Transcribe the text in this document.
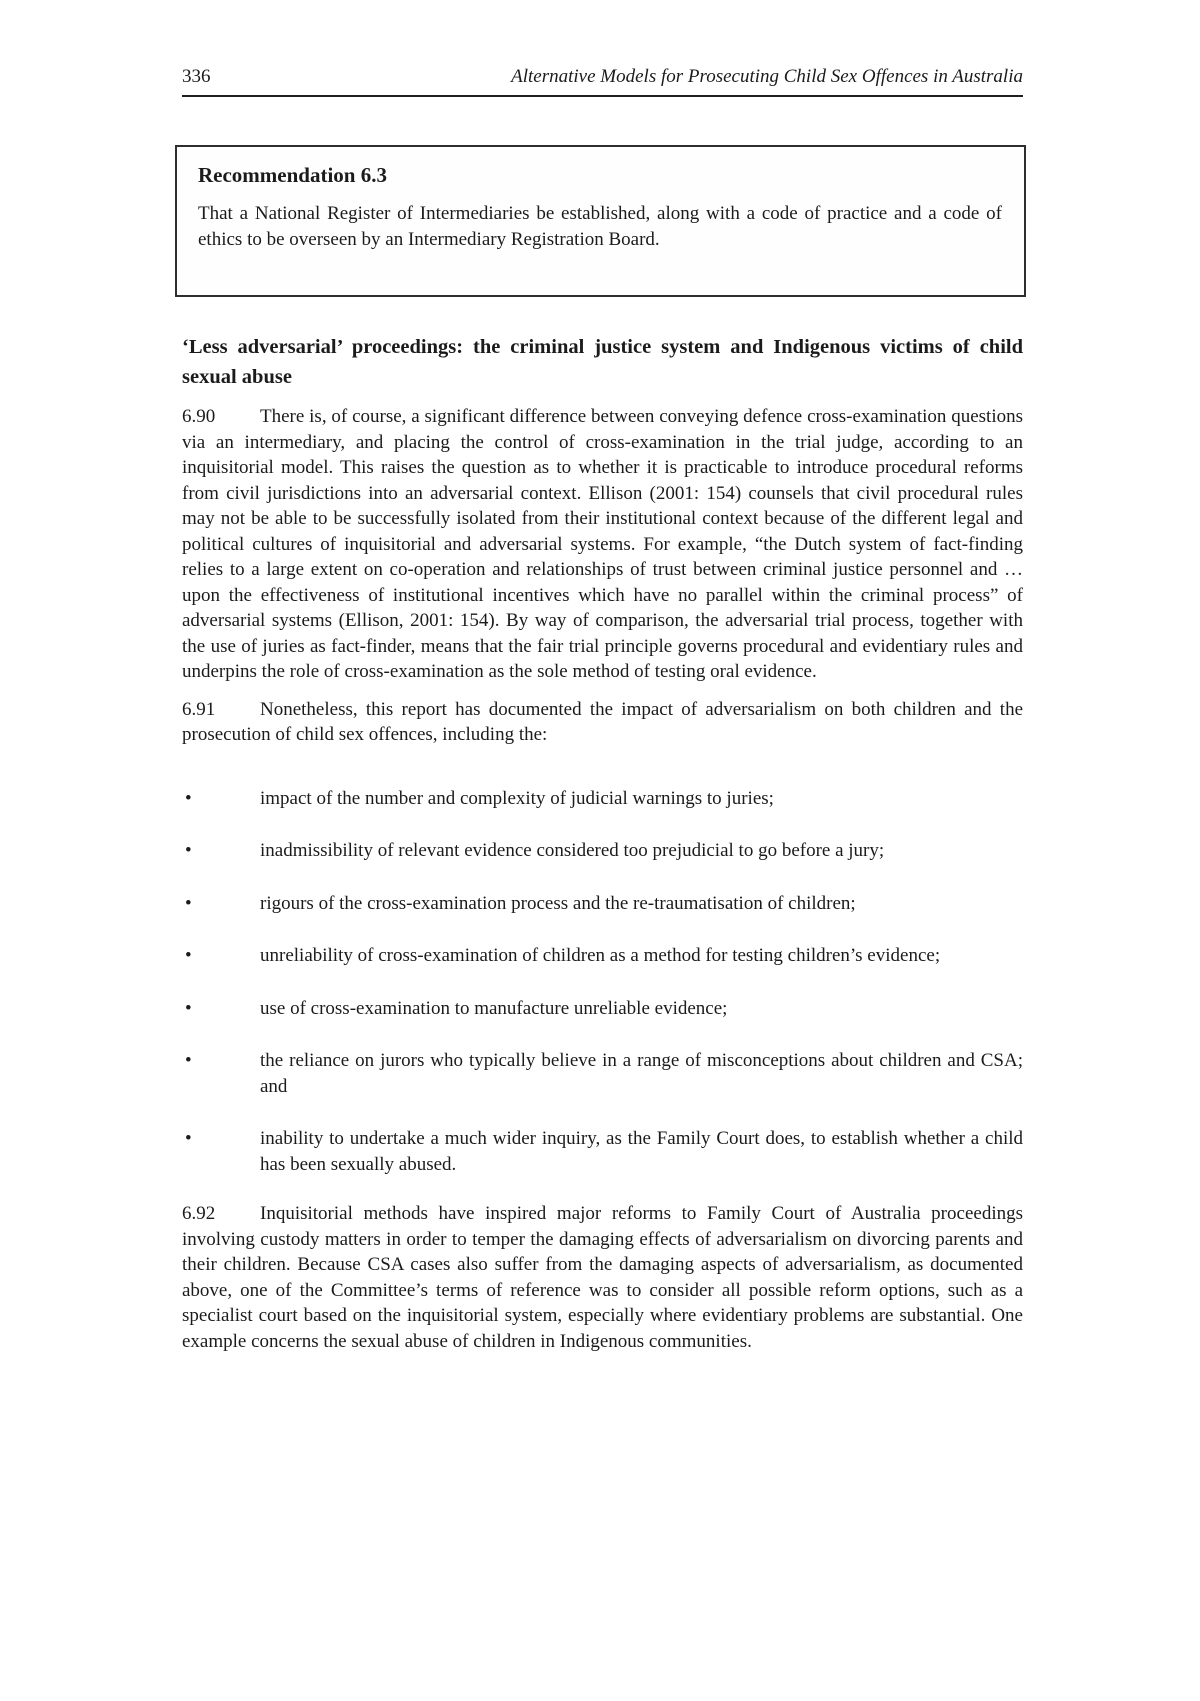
336	Alternative Models for Prosecuting Child Sex Offences in Australia

Recommendation 6.3

That a National Register of Intermediaries be established, along with a code of practice and a code of ethics to be overseen by an Intermediary Registration Board.

‘Less adversarial’ proceedings: the criminal justice system and Indigenous victims of child sexual abuse

6.90 There is, of course, a significant difference between conveying defence cross-examination questions via an intermediary, and placing the control of cross-examination in the trial judge, according to an inquisitorial model. This raises the question as to whether it is practicable to introduce procedural reforms from civil jurisdictions into an adversarial context. Ellison (2001: 154) counsels that civil procedural rules may not be able to be successfully isolated from their institutional context because of the different legal and political cultures of inquisitorial and adversarial systems. For example, “the Dutch system of fact-finding relies to a large extent on co-operation and relationships of trust between criminal justice personnel and … upon the effectiveness of institutional incentives which have no parallel within the criminal process” of adversarial systems (Ellison, 2001: 154). By way of comparison, the adversarial trial process, together with the use of juries as fact-finder, means that the fair trial principle governs procedural and evidentiary rules and underpins the role of cross-examination as the sole method of testing oral evidence.

6.91 Nonetheless, this report has documented the impact of adversarialism on both children and the prosecution of child sex offences, including the:

•	impact of the number and complexity of judicial warnings to juries;
•	inadmissibility of relevant evidence considered too prejudicial to go before a jury;
•	rigours of the cross-examination process and the re-traumatisation of children;
•	unreliability of cross-examination of children as a method for testing children’s evidence;
•	use of cross-examination to manufacture unreliable evidence;
•	the reliance on jurors who typically believe in a range of misconceptions about children and CSA; and
•	inability to undertake a much wider inquiry, as the Family Court does, to establish whether a child has been sexually abused.

6.92 Inquisitorial methods have inspired major reforms to Family Court of Australia proceedings involving custody matters in order to temper the damaging effects of adversarialism on divorcing parents and their children. Because CSA cases also suffer from the damaging aspects of adversarialism, as documented above, one of the Committee’s terms of reference was to consider all possible reform options, such as a specialist court based on the inquisitorial system, especially where evidentiary problems are substantial. One example concerns the sexual abuse of children in Indigenous communities.
